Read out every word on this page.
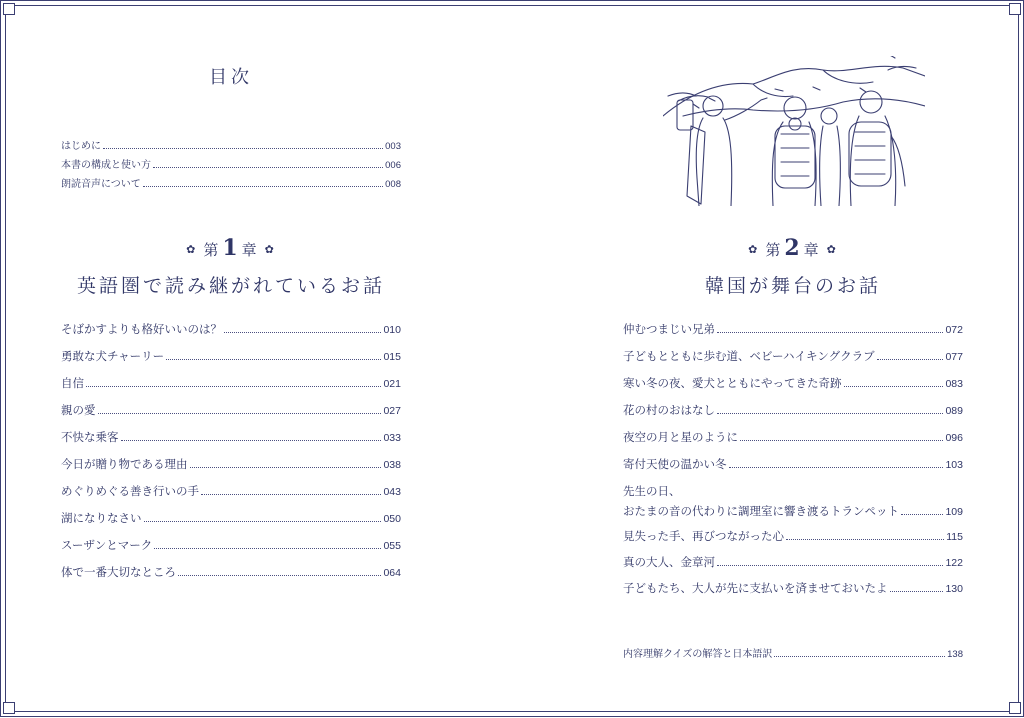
目次
はじめに	003
本書の構成と使い方	006
朗読音声について	008
✿ 第1 章 ✿
英語圏で読み継がれているお話
そばかすよりも格好いいのは？	010
勇敢な犬チャーリー	015
自信	021
親の愛	027
不快な乗客	033
今日が贈り物である理由	038
めぐりめぐる善き行いの手	043
湖になりなさい	050
スーザンとマーク	055
体で一番大切なところ	064
✿ 第2 章 ✿
韓国が舞台のお話
仲むつまじい兄弟	072
子どもとともに歩む道、ベビーハイキングクラブ	077
寒い冬の夜、愛犬とともにやってきた奇跡	083
花の村のおはなし	089
夜空の月と星のように	096
寄付天使の温かい冬	103
先生の日、
おたまの音の代わりに調理室に響き渡るトランペット	109
見失った手、再びつながった心	115
真の大人、金章河	122
子どもたち、大人が先に支払いを済ませておいたよ	130
内容理解クイズの解答と日本語訳	138
